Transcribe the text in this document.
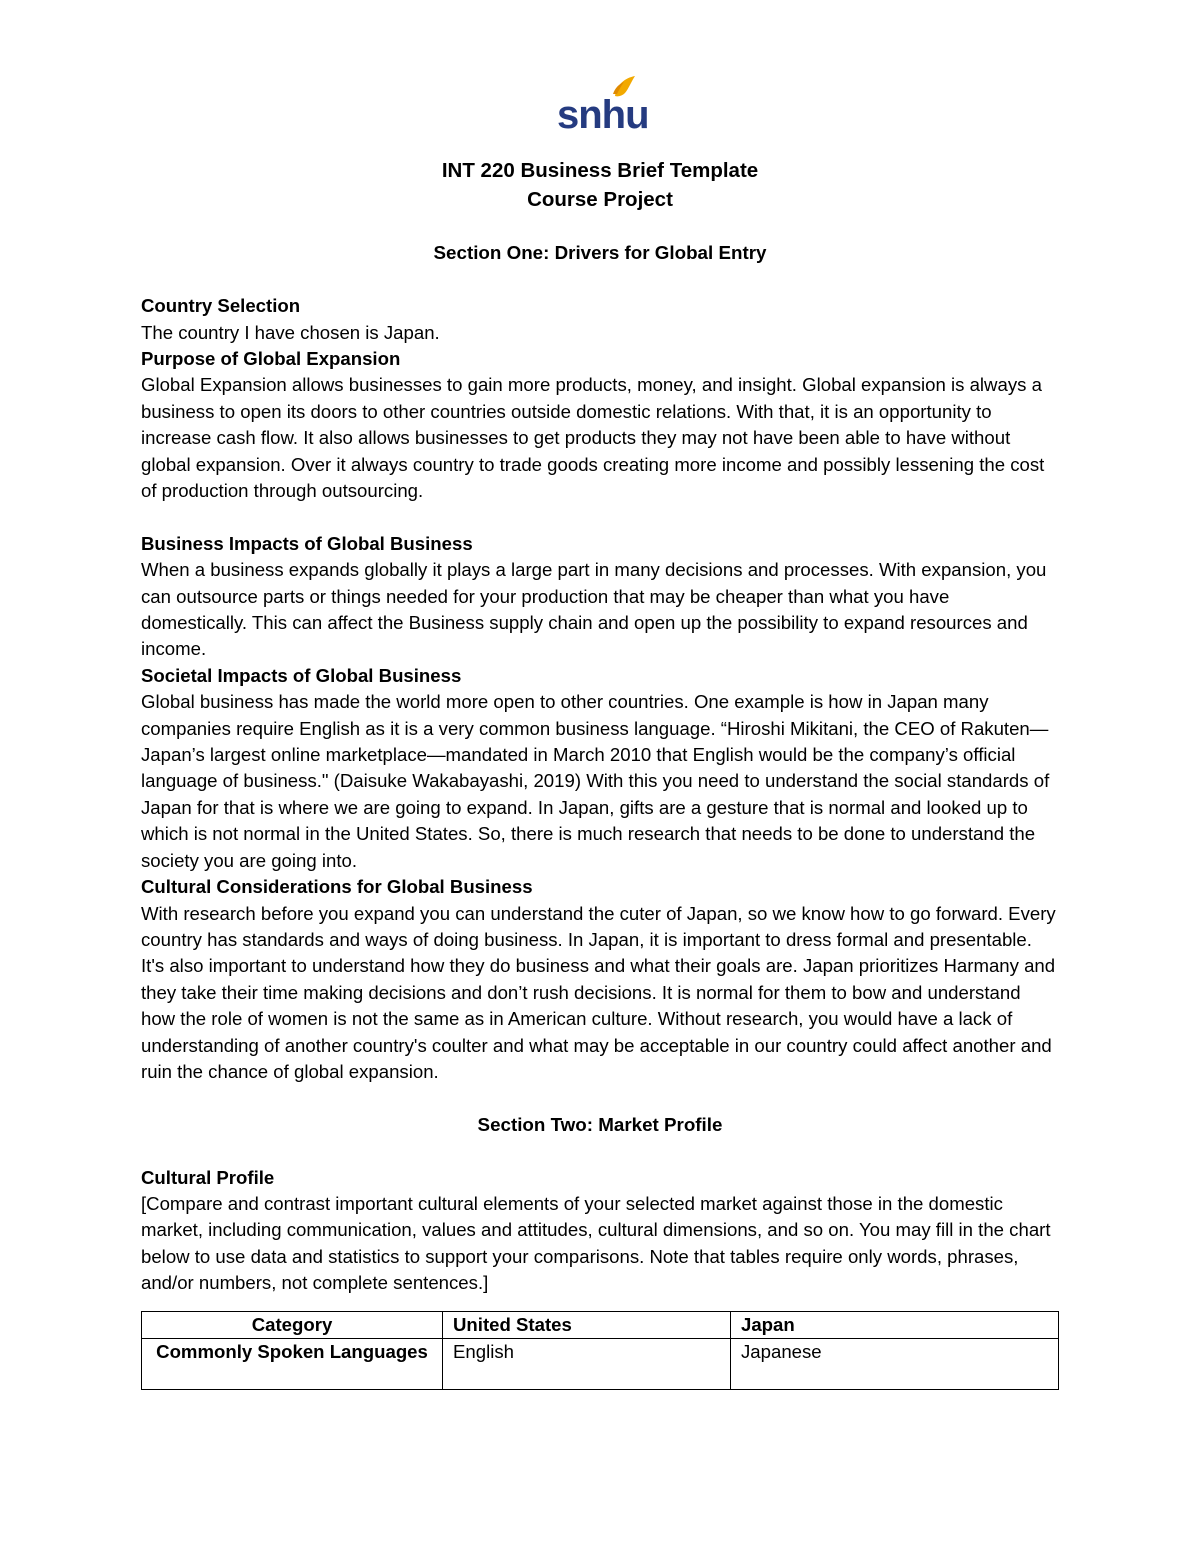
snhu
INT 220 Business Brief Template
Course Project
Section One: Drivers for Global Entry
Country Selection

The country I have chosen is Japan.

Purpose of Global Expansion

Global Expansion allows businesses to gain more products, money, and insight. Global expansion is always a business to open its doors to other countries outside domestic relations. With that, it is an opportunity to increase cash flow. It also allows businesses to get products they may not have been able to have without global expansion. Over it always country to trade goods creating more income and possibly lessening the cost of production through outsourcing.

Business Impacts of Global Business

When a business expands globally it plays a large part in many decisions and processes. With expansion, you can outsource parts or things needed for your production that may be cheaper than what you have domestically. This can affect the Business supply chain and open up the possibility to expand resources and income.

Societal Impacts of Global Business

Global business has made the world more open to other countries. One example is how in Japan many companies require English as it is a very common business language. “Hiroshi Mikitani, the CEO of Rakuten—Japan’s largest online marketplace—mandated in March 2010 that English would be the company’s official language of business." (Daisuke Wakabayashi, 2019) With this you need to understand the social standards of Japan for that is where we are going to expand. In Japan, gifts are a gesture that is normal and looked up to which is not normal in the United States. So, there is much research that needs to be done to understand the society you are going into.

Cultural Considerations for Global Business

With research before you expand you can understand the cuter of Japan, so we know how to go forward. Every country has standards and ways of doing business. In Japan, it is important to dress formal and presentable. It's also important to understand how they do business and what their goals are. Japan prioritizes Harmany and they take their time making decisions and don’t rush decisions. It is normal for them to bow and understand how the role of women is not the same as in American culture. Without research, you would have a lack of understanding of another country's coulter and what may be acceptable in our country could affect another and ruin the chance of global expansion.

Section Two: Market Profile
Cultural Profile

[Compare and contrast important cultural elements of your selected market against those in the domestic market, including communication, values and attitudes, cultural dimensions, and so on. You may fill in the chart below to use data and statistics to support your comparisons. Note that tables require only words, phrases, and/or numbers, not complete sentences.]

Category	United States	Japan
Commonly Spoken Languages	English	Japanese
